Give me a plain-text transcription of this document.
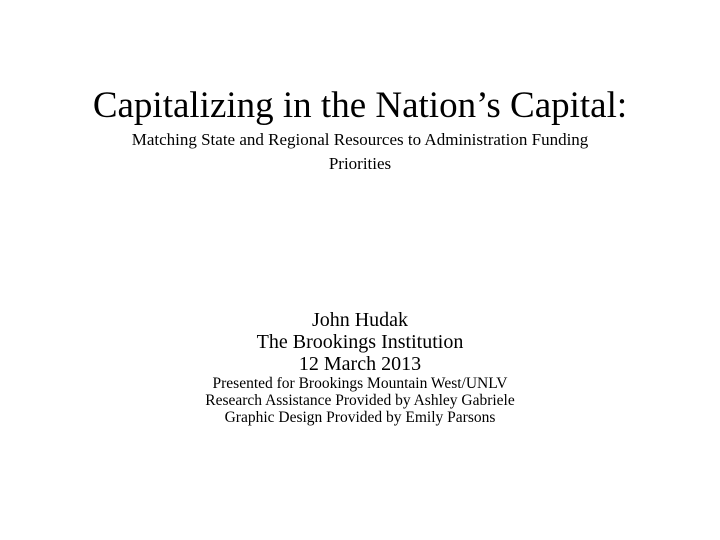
Capitalizing in the Nation’s Capital:

Matching State and Regional Resources to Administration Funding

Priorities

John Hudak

The Brookings Institution

12 March 2013

Presented for Brookings Mountain West/UNLV

Research Assistance Provided by Ashley Gabriele

Graphic Design Provided by Emily Parsons
